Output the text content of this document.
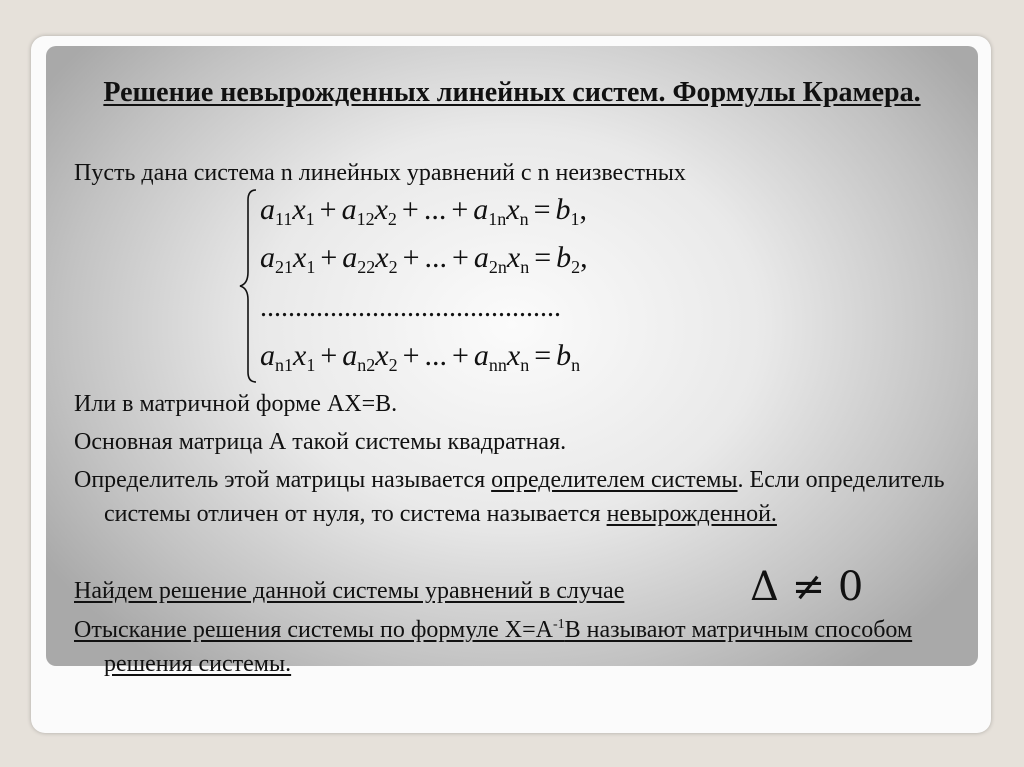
Решение невырожденных линейных систем. Формулы Крамера.
Пусть дана система n линейных уравнений с n неизвестных
$a_{11}x_1 + a_{12}x_2$ + ... + $a_{1n}x_n = b_1$,
$a_{21}x_1 + a_{22}x_2$ + ... + $a_{2n}x_n = b_2$,
...........................................
$a_{n1}x_1 + a_{n2}x_2$ + ... + $a_{nn}x_n = b_n$
Или в матричной форме АХ=В.
Основная матрица А такой системы квадратная.
Определитель этой матрицы называется определителем системы. Если определитель системы отличен от нуля, то система называется невырожденной.
Найдем решение данной системы уравнений в случае	Δ ≠ 0
Отыскание решения системы по формуле $Х=А^{-1}В$ называют матричным способом решения системы.
